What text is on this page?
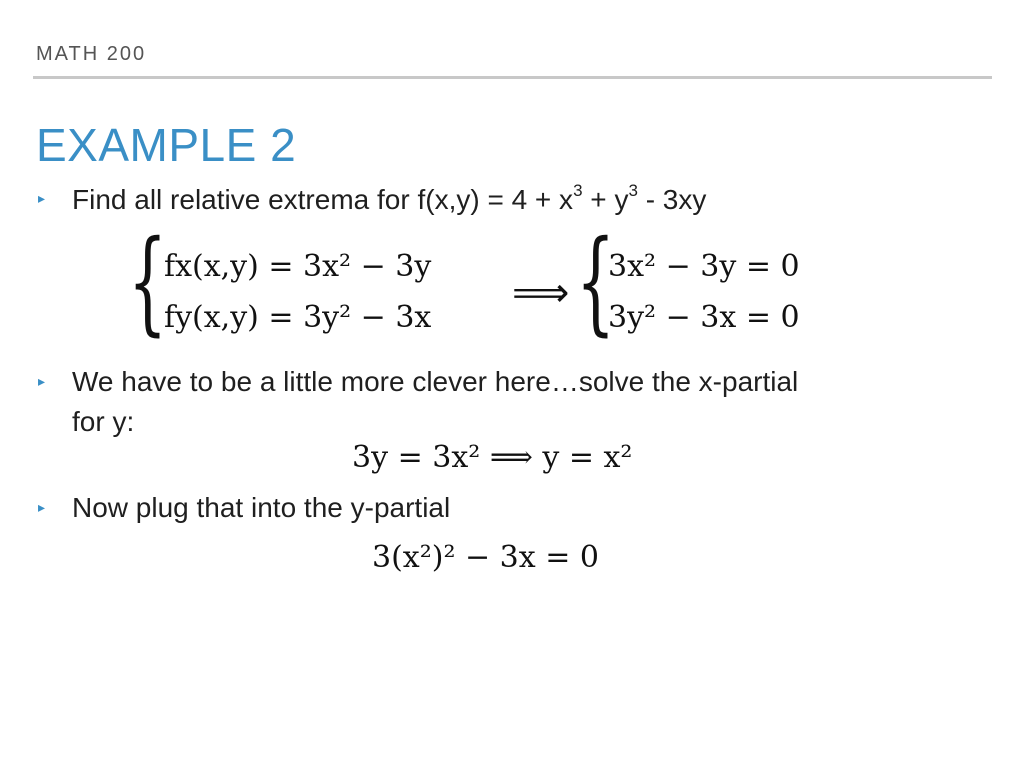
MATH 200
EXAMPLE 2
▸ Find all relative extrema for $f(x,y) = 4 + x^3 + y^3 - 3xy$
{
fx(x,y) = 3x² − 3y
fy(x,y) = 3y² − 3x
⟹ {
3x² − 3y = 0
3y² − 3x = 0
▸ We have to be a little more clever here…solve the x-partial
for y:
3y = 3x² ⟹ y = x²
▸ Now plug that into the y-partial
3(x²)² − 3x = 0
